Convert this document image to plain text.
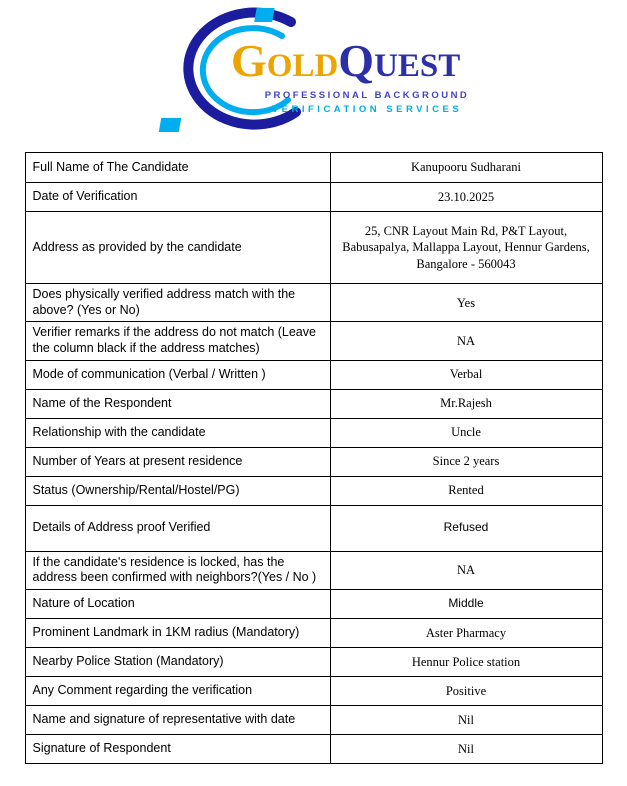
GOLDQUEST
PROFESSIONAL BACKGROUND
VERIFICATION SERVICES
Full Name of The Candidate	Kanupooru Sudharani
Date of Verification	23.10.2025
Address as provided by the candidate	25, CNR Layout Main Rd, P&T Layout, Babusapalya, Mallappa Layout, Hennur Gardens, Bangalore - 560043
Does physically verified address match with the above? (Yes or No)	Yes
Verifier remarks if the address do not match (Leave the column black if the address matches)	NA
Mode of communication (Verbal / Written )	Verbal
Name of the Respondent	Mr.Rajesh
Relationship with the candidate	Uncle
Number of Years at present residence	Since 2 years
Status (Ownership/Rental/Hostel/PG)	Rented
Details of Address proof Verified	Refused
If the candidate's residence is locked, has the address been confirmed with neighbors?(Yes / No )	NA
Nature of Location	Middle
Prominent Landmark in 1KM radius (Mandatory)	Aster Pharmacy
Nearby Police Station (Mandatory)	Hennur Police station
Any Comment regarding the verification	Positive
Name and signature of representative with date	Nil
Signature of Respondent	Nil
